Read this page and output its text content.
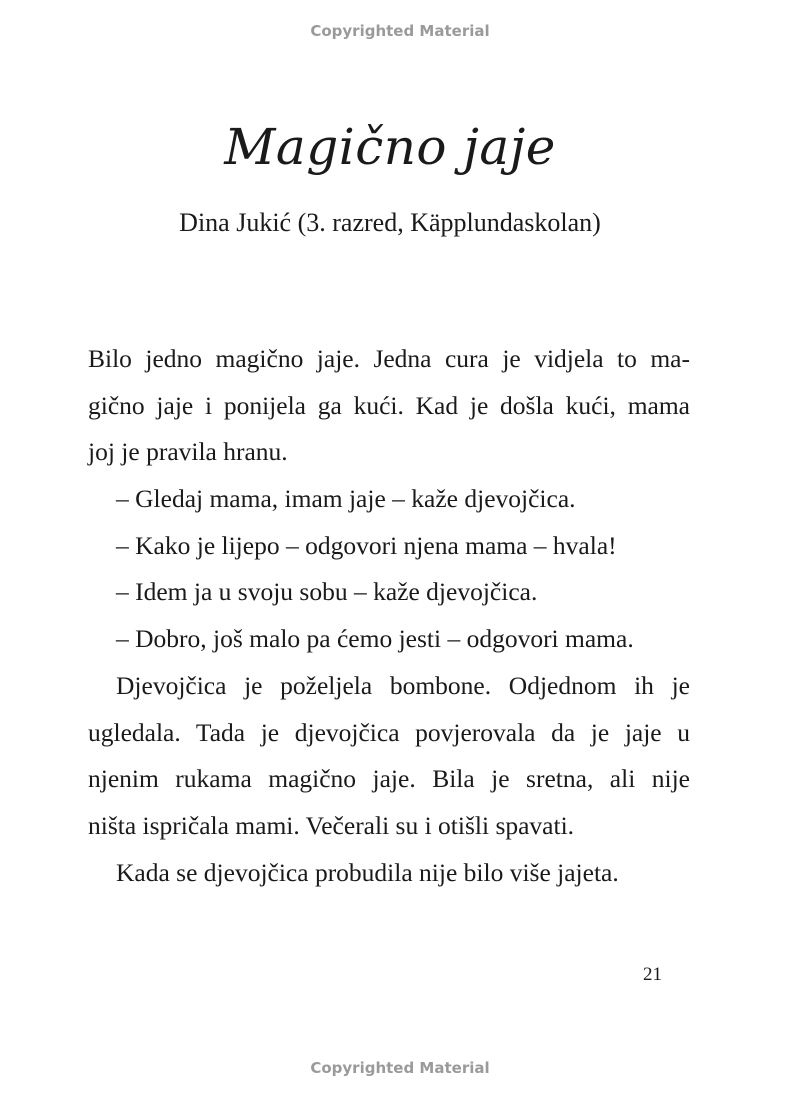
Copyrighted Material
Magično jaje
Dina Jukić (3. razred, Käpplundaskolan)
Bilo jedno magično jaje. Jedna cura je vidjela to ma-
gično jaje i ponijela ga kući. Kad je došla kući, mama
joj je pravila hranu.
– Gledaj mama, imam jaje – kaže djevojčica.
– Kako je lijepo – odgovori njena mama – hvala!
– Idem ja u svoju sobu – kaže djevojčica.
– Dobro, još malo pa ćemo jesti – odgovori mama.
Djevojčica je poželjela bombone. Odjednom ih je
ugledala. Tada je djevojčica povjerovala da je jaje u
njenim rukama magično jaje. Bila je sretna, ali nije
ništa ispričala mami. Večerali su i otišli spavati.
Kada se djevojčica probudila nije bilo više jajeta.
21
Copyrighted Material
